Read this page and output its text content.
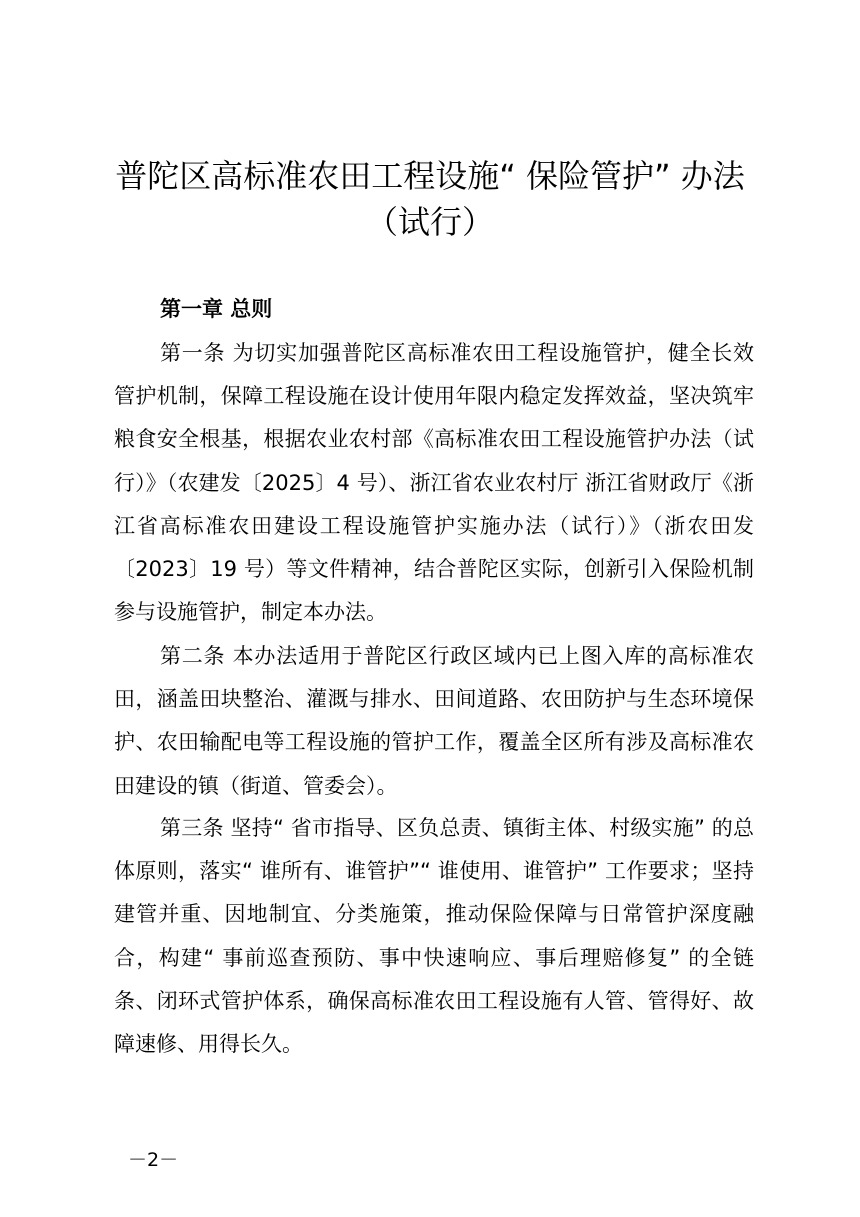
普陀区高标准农田工程设施“ 保险管护” 办法
（试行）
第一章 总则

第一条 为切实加强普陀区高标准农田工程设施管护，健全长效管护机制，保障工程设施在设计使用年限内稳定发挥效益，坚决筑牢粮食安全根基，根据农业农村部《高标准农田工程设施管护办法（试行）》（农建发〔2025〕4 号）、浙江省农业农村厅 浙江省财政厅《浙江省高标准农田建设工程设施管护实施办法（试行）》（浙农田发〔2023〕19 号）等文件精神，结合普陀区实际，创新引入保险机制参与设施管护，制定本办法。

第二条 本办法适用于普陀区行政区域内已上图入库的高标准农田，涵盖田块整治、灌溉与排水、田间道路、农田防护与生态环境保护、农田输配电等工程设施的管护工作，覆盖全区所有涉及高标准农田建设的镇（街道、管委会）。

第三条 坚持“ 省市指导、区负总责、镇街主体、村级实施” 的总体原则，落实“ 谁所有、谁管护”“ 谁使用、谁管护” 工作要求；坚持建管并重、因地制宜、分类施策，推动保险保障与日常管护深度融合，构建“ 事前巡查预防、事中快速响应、事后理赔修复” 的全链条、闭环式管护体系，确保高标准农田工程设施有人管、管得好、故障速修、用得长久。

－2－
